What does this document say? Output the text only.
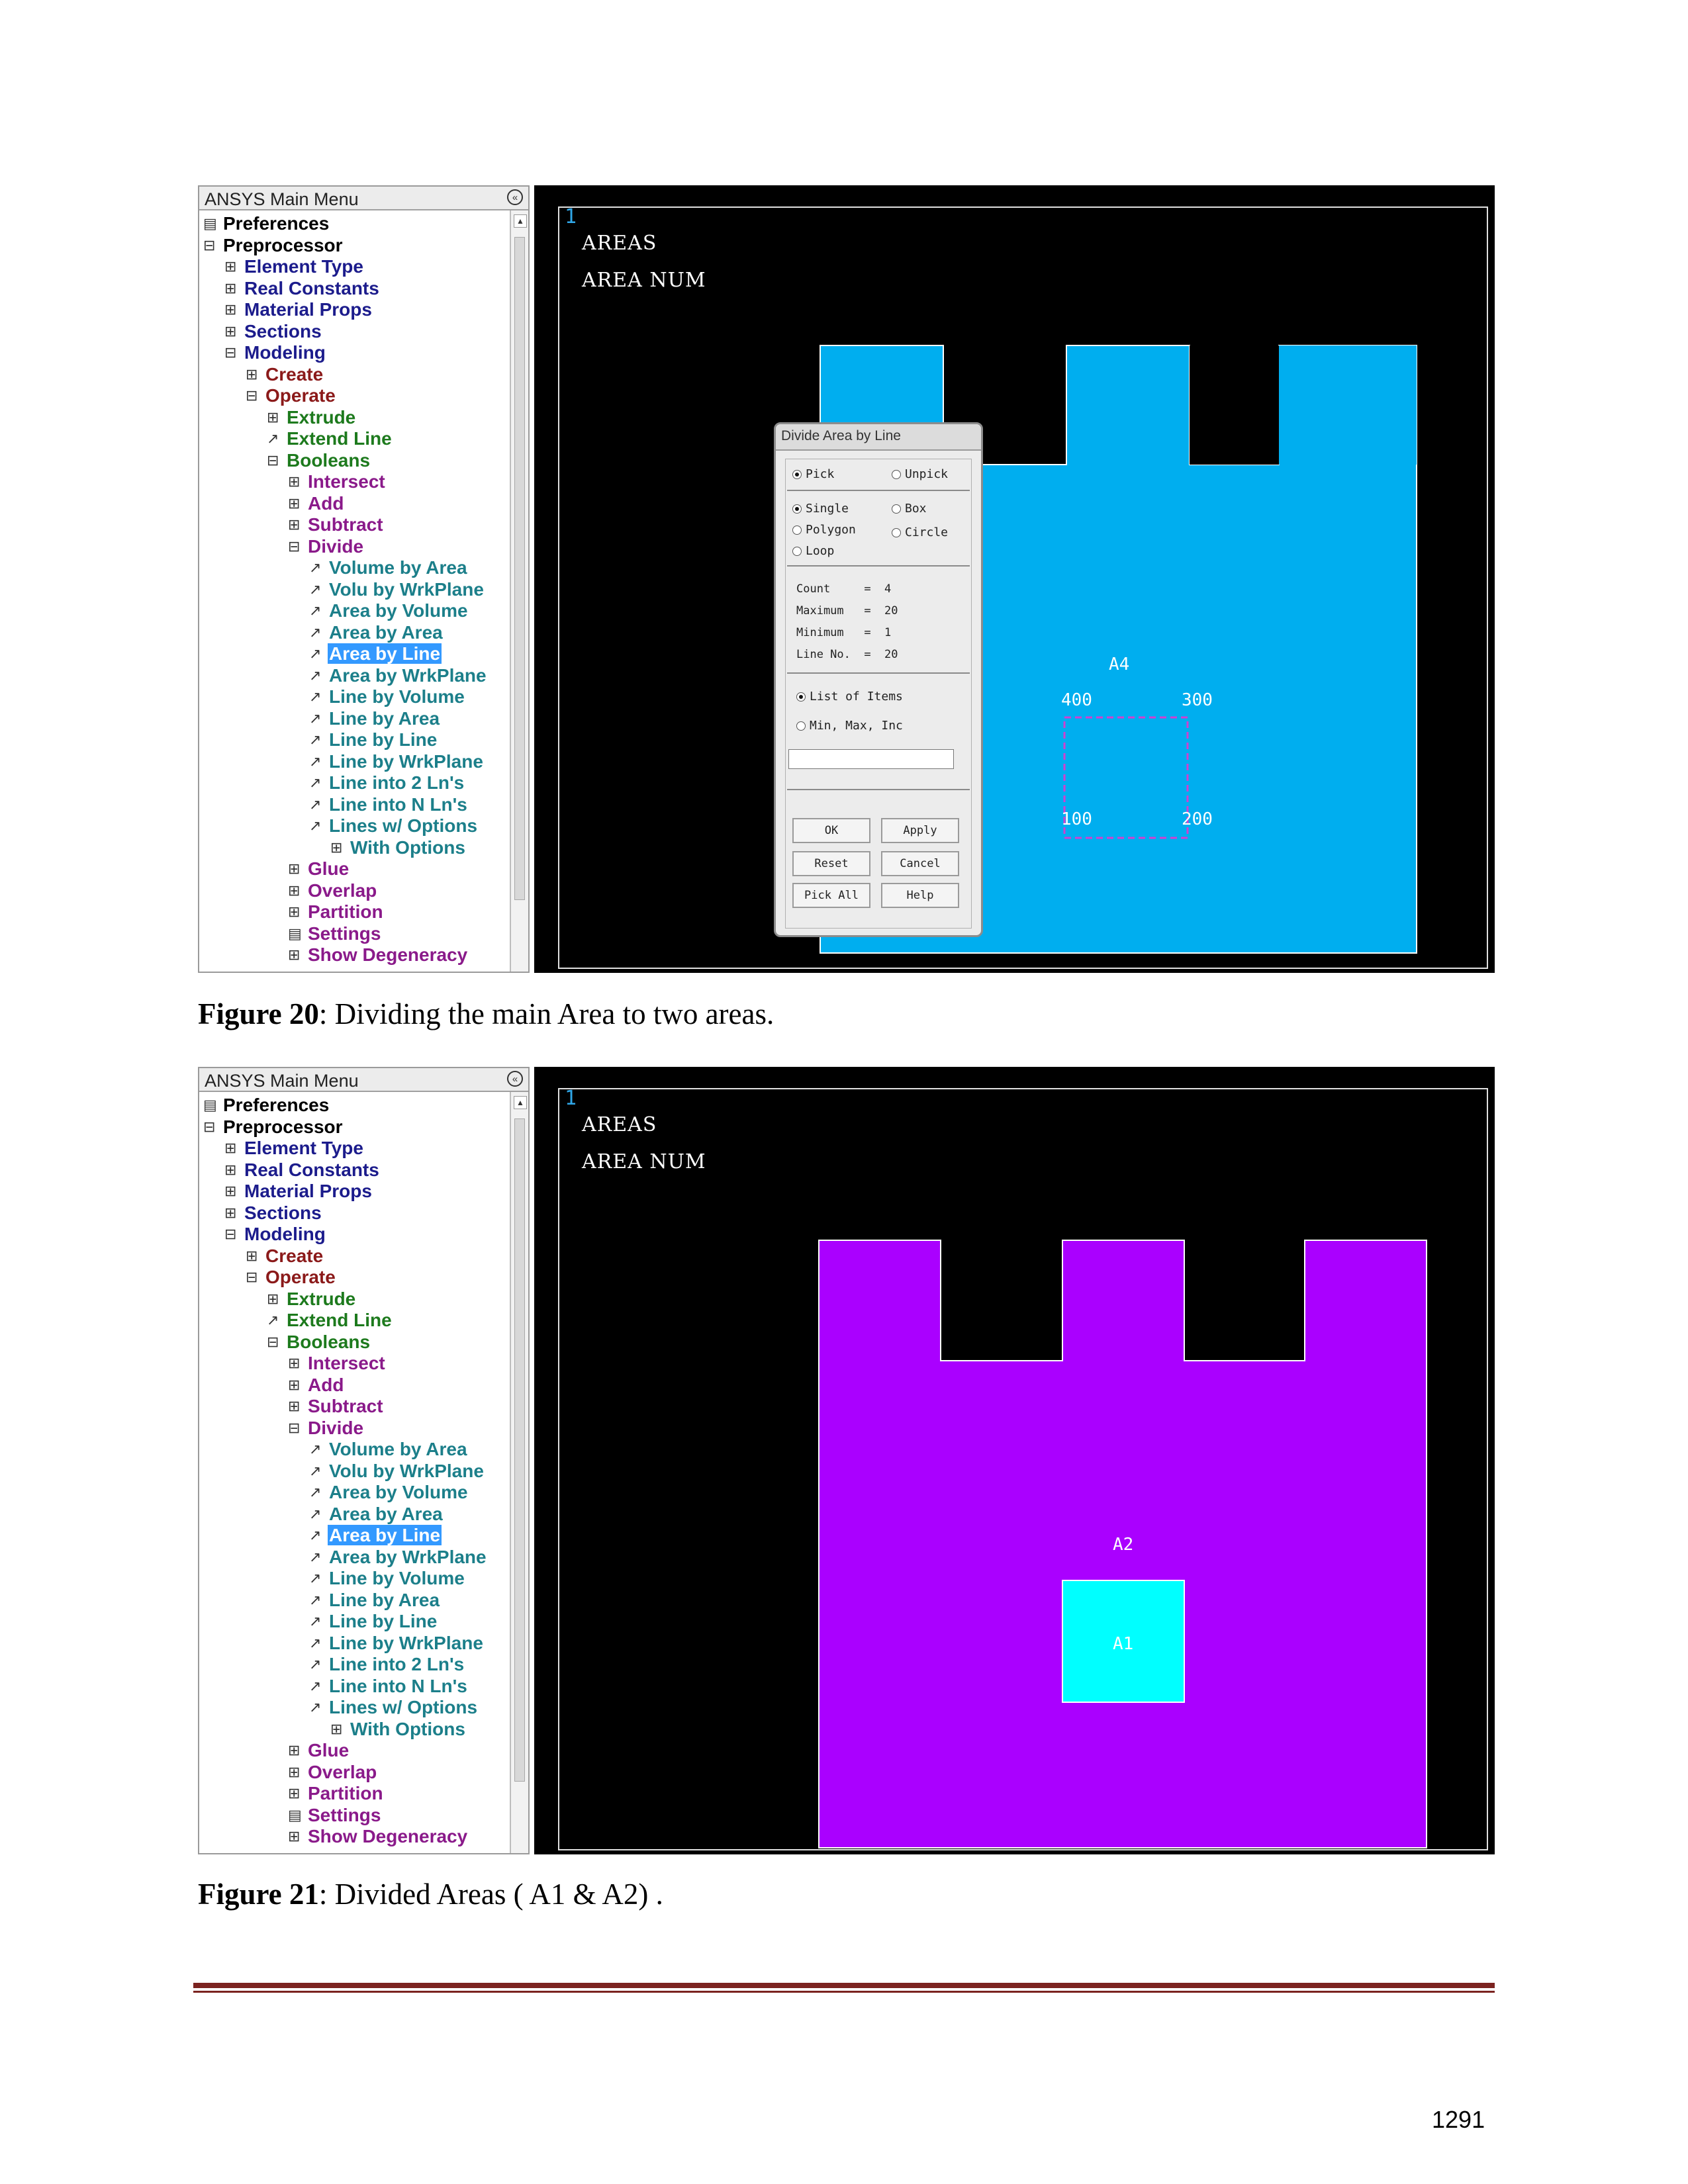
ANSYS Main Menu	«
▤ Preferences
⊟ Preprocessor
⊞ Element Type
⊞ Real Constants
⊞ Material Props
⊞ Sections
⊟ Modeling
⊞ Create
⊟ Operate
⊞ Extrude
↗ Extend Line
⊟ Booleans
⊞ Intersect
⊞ Add
⊞ Subtract
⊟ Divide
↗ Volume by Area
↗ Volu by WrkPlane
↗ Area by Volume
↗ Area by Area
↗ Area by Line
↗ Area by WrkPlane
↗ Line by Volume
↗ Line by Area
↗ Line by Line
↗ Line by WrkPlane
↗ Line into 2 Ln's
↗ Line into N Ln's
↗ Lines w/ Options
⊞ With Options
⊞ Glue
⊞ Overlap
⊞ Partition
▤ Settings
⊞ Show Degeneracy
▲ 1
AREAS
AREA NUM
A4
400	300
100	200
Divide Area by Line
Pick	Unpick
Single	Box
Polygon	Circle
Loop
Count     =  4
Maximum   =  20
Minimum   =  1
Line No.  =  20
List of Items
Min, Max, Inc
OK	Apply
Reset	Cancel
Pick All	Help
Figure 20: Dividing the main Area to two areas.
ANSYS Main Menu	«
▤ Preferences
⊟ Preprocessor
⊞ Element Type
⊞ Real Constants
⊞ Material Props
⊞ Sections
⊟ Modeling
⊞ Create
⊟ Operate
⊞ Extrude
↗ Extend Line
⊟ Booleans
⊞ Intersect
⊞ Add
⊞ Subtract
⊟ Divide
↗ Volume by Area
↗ Volu by WrkPlane
↗ Area by Volume
↗ Area by Area
↗ Area by Line
↗ Area by WrkPlane
↗ Line by Volume
↗ Line by Area
↗ Line by Line
↗ Line by WrkPlane
↗ Line into 2 Ln's
↗ Line into N Ln's
↗ Lines w/ Options
⊞ With Options
⊞ Glue
⊞ Overlap
⊞ Partition
▤ Settings
⊞ Show Degeneracy
▲ 1
AREAS
AREA NUM
A2
A1
Figure 21: Divided Areas ( A1 & A2) .
1291
